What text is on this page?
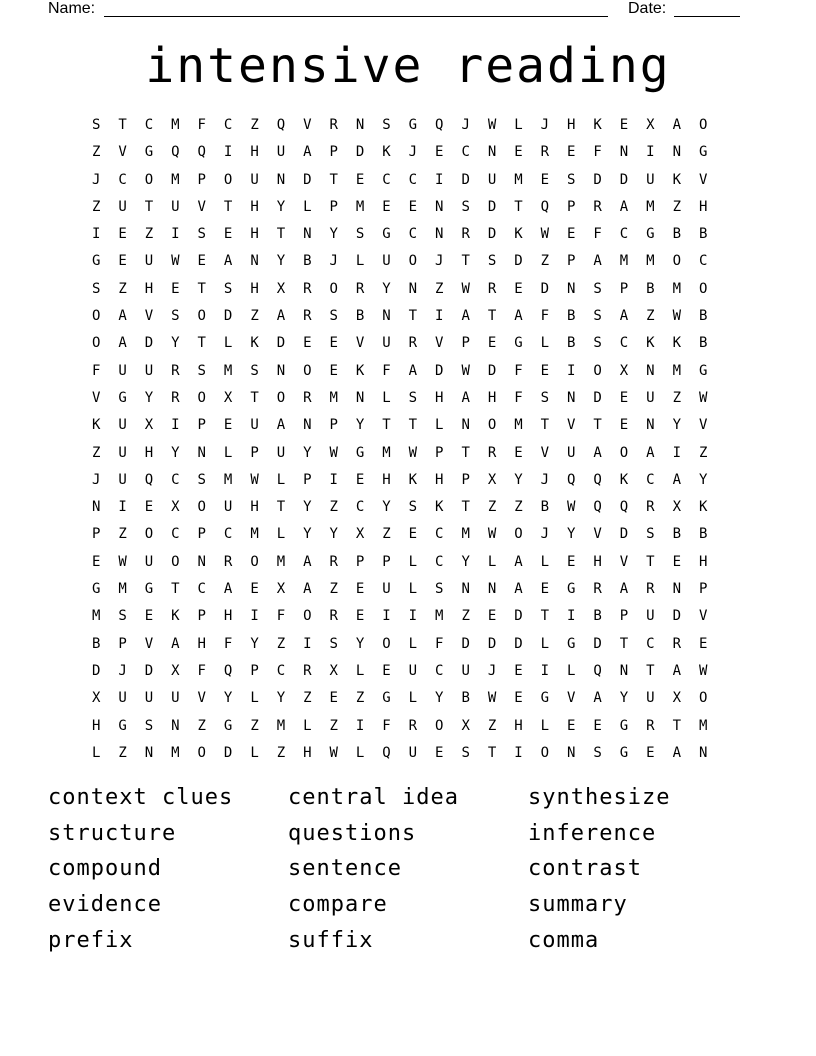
Name:	Date:
intensive reading
S	T	C	M	F	C	Z	Q	V	R	N	S	G	Q	J	W	L	J	H	K	E	X	A	O
Z	V	G	Q	Q	I	H	U	A	P	D	K	J	E	C	N	E	R	E	F	N	I	N	G
J	C	O	M	P	O	U	N	D	T	E	C	C	I	D	U	M	E	S	D	D	U	K	V
Z	U	T	U	V	T	H	Y	L	P	M	E	E	N	S	D	T	Q	P	R	A	M	Z	H
I	E	Z	I	S	E	H	T	N	Y	S	G	C	N	R	D	K	W	E	F	C	G	B	B
G	E	U	W	E	A	N	Y	B	J	L	U	O	J	T	S	D	Z	P	A	M	M	O	C
S	Z	H	E	T	S	H	X	R	O	R	Y	N	Z	W	R	E	D	N	S	P	B	M	O
O	A	V	S	O	D	Z	A	R	S	B	N	T	I	A	T	A	F	B	S	A	Z	W	B
O	A	D	Y	T	L	K	D	E	E	V	U	R	V	P	E	G	L	B	S	C	K	K	B
F	U	U	R	S	M	S	N	O	E	K	F	A	D	W	D	F	E	I	O	X	N	M	G
V	G	Y	R	O	X	T	O	R	M	N	L	S	H	A	H	F	S	N	D	E	U	Z	W
K	U	X	I	P	E	U	A	N	P	Y	T	T	L	N	O	M	T	V	T	E	N	Y	V
Z	U	H	Y	N	L	P	U	Y	W	G	M	W	P	T	R	E	V	U	A	O	A	I	Z
J	U	Q	C	S	M	W	L	P	I	E	H	K	H	P	X	Y	J	Q	Q	K	C	A	Y
N	I	E	X	O	U	H	T	Y	Z	C	Y	S	K	T	Z	Z	B	W	Q	Q	R	X	K
P	Z	O	C	P	C	M	L	Y	Y	X	Z	E	C	M	W	O	J	Y	V	D	S	B	B
E	W	U	O	N	R	O	M	A	R	P	P	L	C	Y	L	A	L	E	H	V	T	E	H
G	M	G	T	C	A	E	X	A	Z	E	U	L	S	N	N	A	E	G	R	A	R	N	P
M	S	E	K	P	H	I	F	O	R	E	I	I	M	Z	E	D	T	I	B	P	U	D	V
B	P	V	A	H	F	Y	Z	I	S	Y	O	L	F	D	D	D	L	G	D	T	C	R	E
D	J	D	X	F	Q	P	C	R	X	L	E	U	C	U	J	E	I	L	Q	N	T	A	W
X	U	U	U	V	Y	L	Y	Z	E	Z	G	L	Y	B	W	E	G	V	A	Y	U	X	O
H	G	S	N	Z	G	Z	M	L	Z	I	F	R	O	X	Z	H	L	E	E	G	R	T	M
L	Z	N	M	O	D	L	Z	H	W	L	Q	U	E	S	T	I	O	N	S	G	E	A	N
context clues	central idea	synthesize
structure	questions	inference
compound	sentence	contrast
evidence	compare	summary
prefix	suffix	comma
